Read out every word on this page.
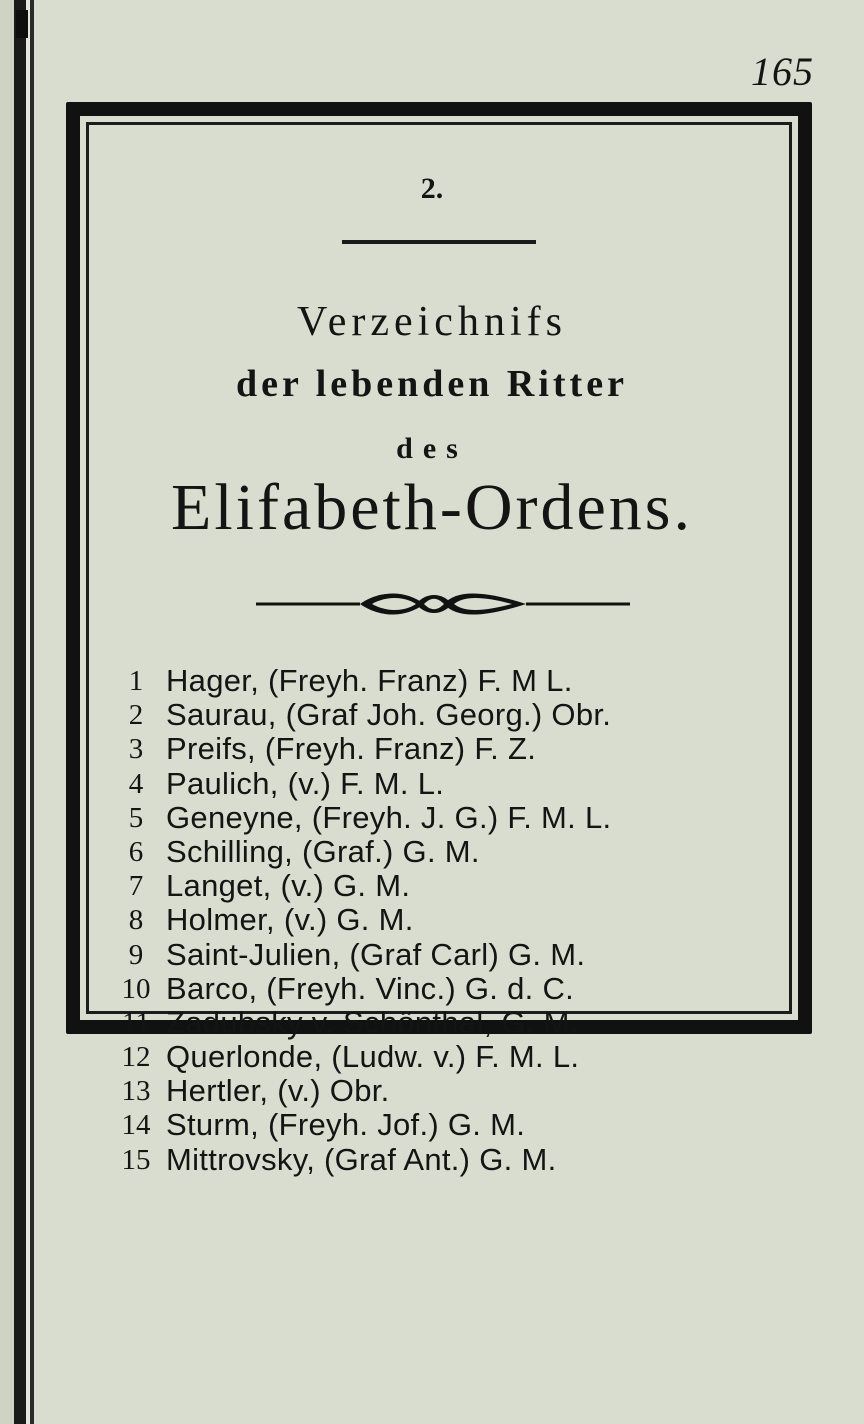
165
2.
Verzeichnifs
der lebenden Ritter
des
Elifabeth-Ordens.
1 Hager, (Freyh. Franz) F. M L.
2 Saurau, (Graf Joh. Georg.) Obr.
3 Preifs, (Freyh. Franz) F. Z.
4 Paulich, (v.) F. M. L.
5 Geneyne, (Freyh. J. G.) F. M. L.
6 Schilling, (Graf.) G. M.
7 Langet, (v.) G. M.
8 Holmer, (v.) G. M.
9 Saint-Julien, (Graf Carl) G. M.
10 Barco, (Freyh. Vinc.) G. d. C.
11 Zadubsky v. Schönthal, G. M.
12 Querlonde, (Ludw. v.) F. M. L.
13 Hertler, (v.) Obr.
14 Sturm, (Freyh. Jof.) G. M.
15 Mittrovsky, (Graf Ant.) G. M.
